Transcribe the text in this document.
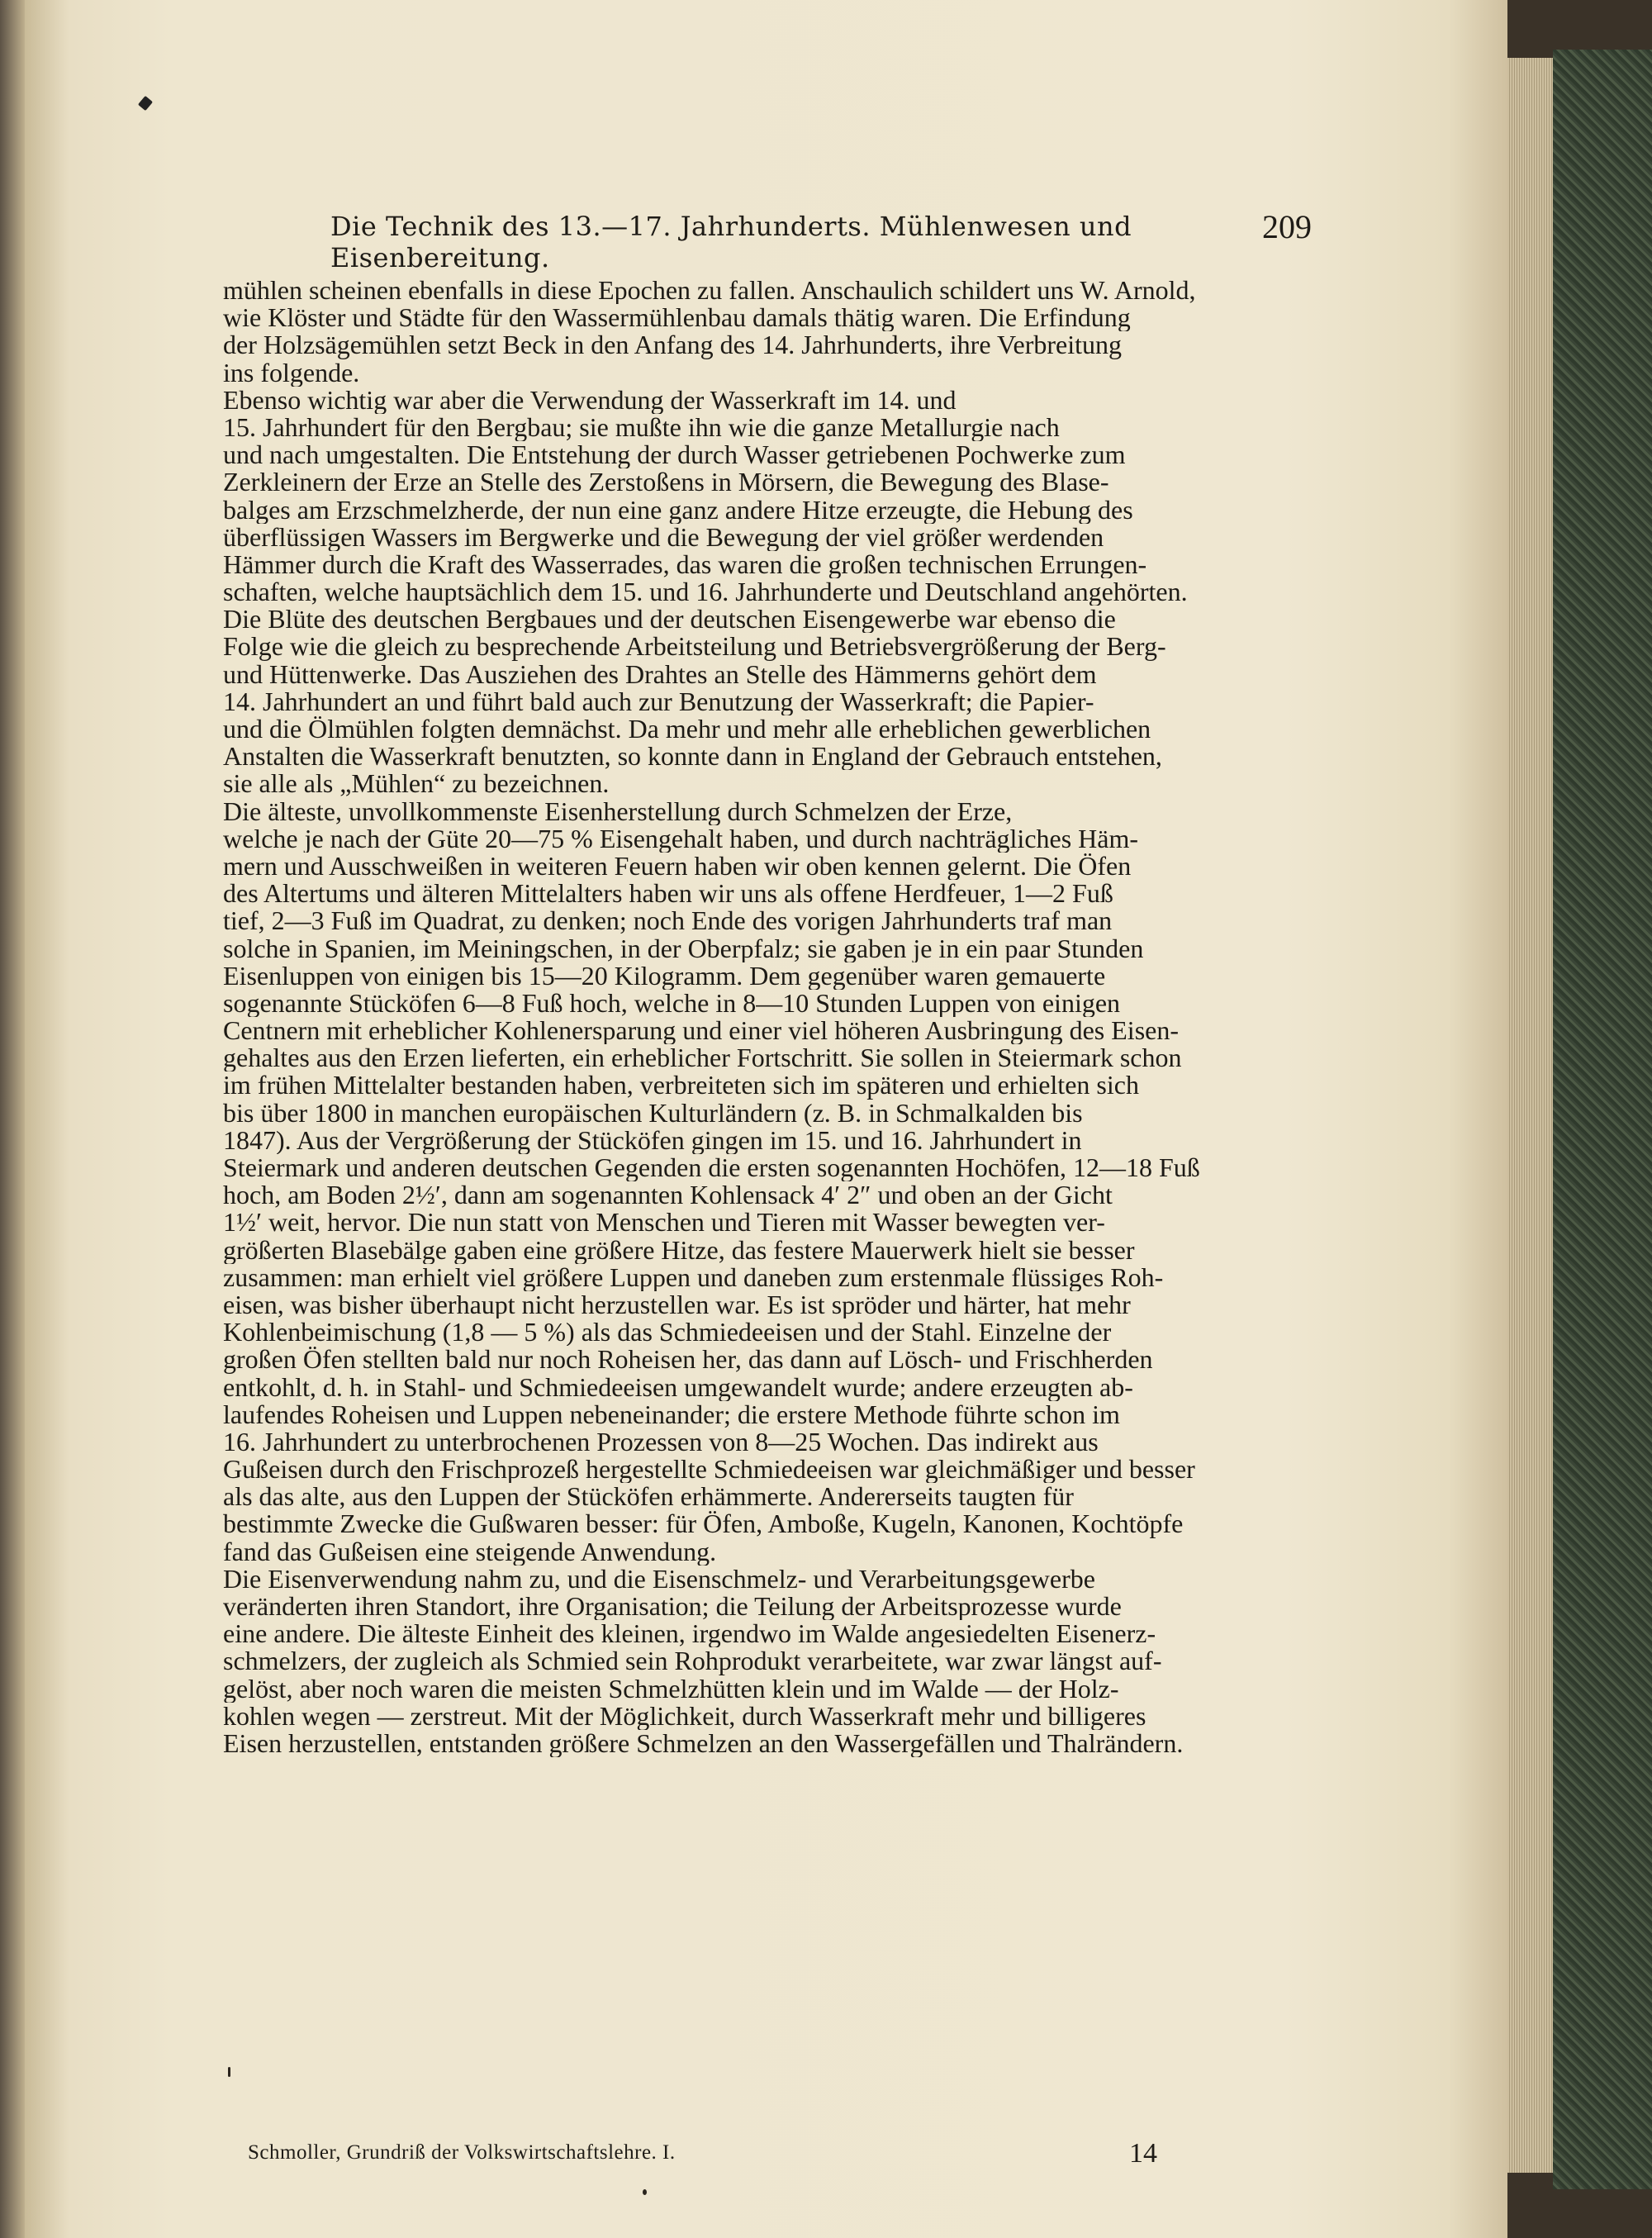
Die Technik des 13.—17. Jahrhunderts. Mühlenwesen und Eisenbereitung.
209
mühlen scheinen ebenfalls in diese Epochen zu fallen. Anschaulich schildert uns W. Arnold,
wie Klöster und Städte für den Wassermühlenbau damals thätig waren. Die Erfindung
der Holzsägemühlen setzt Beck in den Anfang des 14. Jahrhunderts, ihre Verbreitung
ins folgende.
Ebenso wichtig war aber die Verwendung der Wasserkraft im 14. und
15. Jahrhundert für den Bergbau; sie mußte ihn wie die ganze Metallurgie nach
und nach umgestalten. Die Entstehung der durch Wasser getriebenen Pochwerke zum
Zerkleinern der Erze an Stelle des Zerstoßens in Mörsern, die Bewegung des Blase-
balges am Erzschmelzherde, der nun eine ganz andere Hitze erzeugte, die Hebung des
überflüssigen Wassers im Bergwerke und die Bewegung der viel größer werdenden
Hämmer durch die Kraft des Wasserrades, das waren die großen technischen Errungen-
schaften, welche hauptsächlich dem 15. und 16. Jahrhunderte und Deutschland angehörten.
Die Blüte des deutschen Bergbaues und der deutschen Eisengewerbe war ebenso die
Folge wie die gleich zu besprechende Arbeitsteilung und Betriebsvergrößerung der Berg-
und Hüttenwerke. Das Ausziehen des Drahtes an Stelle des Hämmerns gehört dem
14. Jahrhundert an und führt bald auch zur Benutzung der Wasserkraft; die Papier-
und die Ölmühlen folgten demnächst. Da mehr und mehr alle erheblichen gewerblichen
Anstalten die Wasserkraft benutzten, so konnte dann in England der Gebrauch entstehen,
sie alle als „Mühlen“ zu bezeichnen.
Die älteste, unvollkommenste Eisenherstellung durch Schmelzen der Erze,
welche je nach der Güte 20—75 % Eisengehalt haben, und durch nachträgliches Häm-
mern und Ausschweißen in weiteren Feuern haben wir oben kennen gelernt. Die Öfen
des Altertums und älteren Mittelalters haben wir uns als offene Herdfeuer, 1—2 Fuß
tief, 2—3 Fuß im Quadrat, zu denken; noch Ende des vorigen Jahrhunderts traf man
solche in Spanien, im Meiningschen, in der Oberpfalz; sie gaben je in ein paar Stunden
Eisenluppen von einigen bis 15—20 Kilogramm. Dem gegenüber waren gemauerte
sogenannte Stücköfen 6—8 Fuß hoch, welche in 8—10 Stunden Luppen von einigen
Centnern mit erheblicher Kohlenersparung und einer viel höheren Ausbringung des Eisen-
gehaltes aus den Erzen lieferten, ein erheblicher Fortschritt. Sie sollen in Steiermark schon
im frühen Mittelalter bestanden haben, verbreiteten sich im späteren und erhielten sich
bis über 1800 in manchen europäischen Kulturländern (z. B. in Schmalkalden bis
1847). Aus der Vergrößerung der Stücköfen gingen im 15. und 16. Jahrhundert in
Steiermark und anderen deutschen Gegenden die ersten sogenannten Hochöfen, 12—18 Fuß
hoch, am Boden 2½′, dann am sogenannten Kohlensack 4′ 2″ und oben an der Gicht
1½′ weit, hervor. Die nun statt von Menschen und Tieren mit Wasser bewegten ver-
größerten Blasebälge gaben eine größere Hitze, das festere Mauerwerk hielt sie besser
zusammen: man erhielt viel größere Luppen und daneben zum erstenmale flüssiges Roh-
eisen, was bisher überhaupt nicht herzustellen war. Es ist spröder und härter, hat mehr
Kohlenbeimischung (1,8 — 5 %) als das Schmiedeeisen und der Stahl. Einzelne der
großen Öfen stellten bald nur noch Roheisen her, das dann auf Lösch- und Frischherden
entkohlt, d. h. in Stahl- und Schmiedeeisen umgewandelt wurde; andere erzeugten ab-
laufendes Roheisen und Luppen nebeneinander; die erstere Methode führte schon im
16. Jahrhundert zu unterbrochenen Prozessen von 8—25 Wochen. Das indirekt aus
Gußeisen durch den Frischprozeß hergestellte Schmiedeeisen war gleichmäßiger und besser
als das alte, aus den Luppen der Stücköfen erhämmerte. Andererseits taugten für
bestimmte Zwecke die Gußwaren besser: für Öfen, Amboße, Kugeln, Kanonen, Kochtöpfe
fand das Gußeisen eine steigende Anwendung.
Die Eisenverwendung nahm zu, und die Eisenschmelz- und Verarbeitungsgewerbe
veränderten ihren Standort, ihre Organisation; die Teilung der Arbeitsprozesse wurde
eine andere. Die älteste Einheit des kleinen, irgendwo im Walde angesiedelten Eisenerz-
schmelzers, der zugleich als Schmied sein Rohprodukt verarbeitete, war zwar längst auf-
gelöst, aber noch waren die meisten Schmelzhütten klein und im Walde — der Holz-
kohlen wegen — zerstreut. Mit der Möglichkeit, durch Wasserkraft mehr und billigeres
Eisen herzustellen, entstanden größere Schmelzen an den Wassergefällen und Thalrändern.
Schmoller, Grundriß der Volkswirtschaftslehre. I.	14
